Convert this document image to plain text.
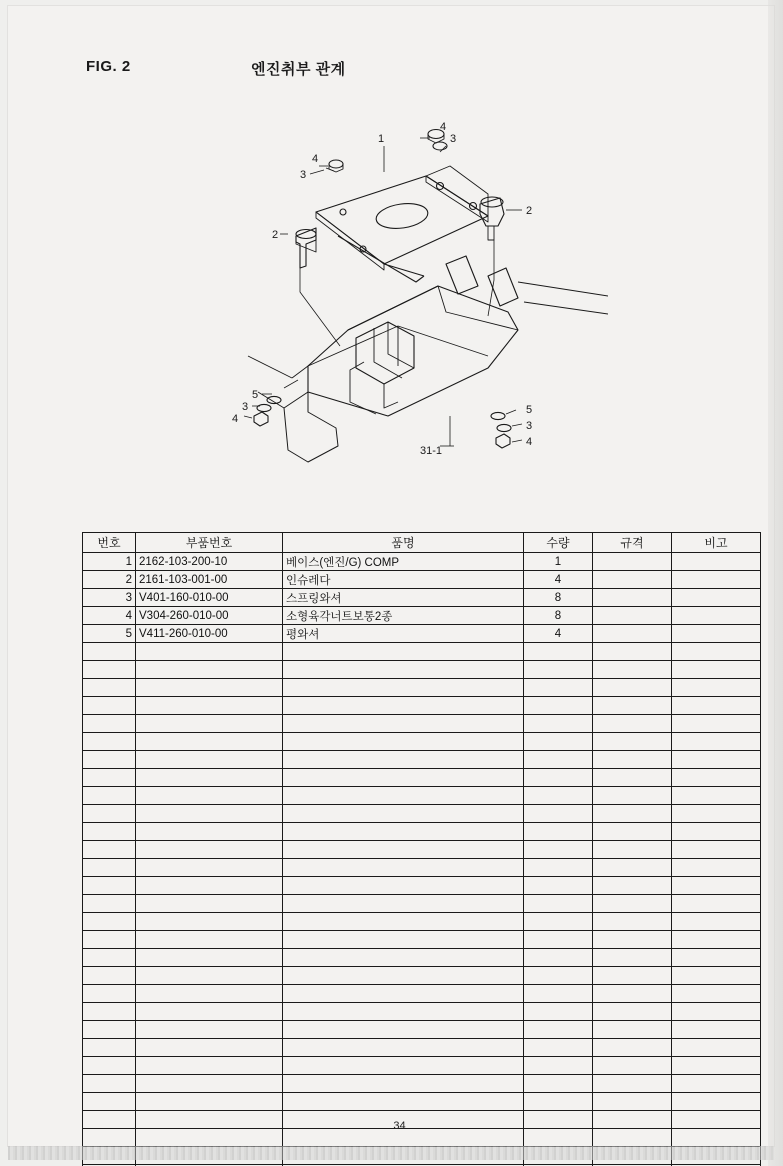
FIG. 2	엔진취부 관계
1
2
2
3
3
3
3
4
4
4
4
5
5
31-1
번호	부품번호	품명	수량	규격	비고
1	2162-103-200-10	베이스(엔진/G) COMP	1		
2	2161-103-001-00	인슈레다	4		
3	V401-160-010-00	스프링와셔	8		
4	V304-260-010-00	소형육각너트보통2종	8		
5	V411-260-010-00	평와셔	4		

34
